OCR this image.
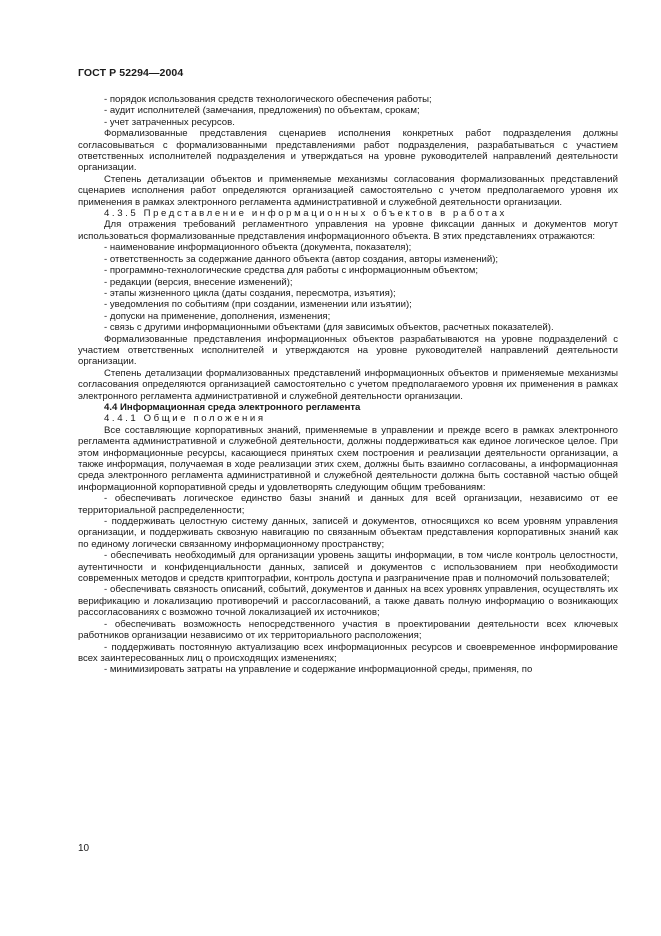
ГОСТ Р 52294—2004

- порядок использования средств технологического обеспечения работы;

- аудит исполнителей (замечания, предложения) по объектам, срокам;

- учет затраченных ресурсов.

Формализованные представления сценариев исполнения конкретных работ подразделения должны согласовываться с формализованными представлениями работ подразделения, разрабатываться с участием ответственных исполнителей подразделения и утверждаться на уровне руководителей направлений деятельности организации.

Степень детализации объектов и применяемые механизмы согласования формализованных представлений сценариев исполнения работ определяются организацией самостоятельно с учетом предполагаемого уровня их применения в рамках электронного регламента административной и служебной деятельности организации.

4.3.5 Представление информационных объектов в работах

Для отражения требований регламентного управления на уровне фиксации данных и документов могут использоваться формализованные представления информационного объекта. В этих представлениях отражаются:

- наименование информационного объекта (документа, показателя);

- ответственность за содержание данного объекта (автор создания, авторы изменений);

- программно-технологические средства для работы с информационным объектом;

- редакции (версия, внесение изменений);

- этапы жизненного цикла (даты создания, пересмотра, изъятия);

- уведомления по событиям (при создании, изменении или изъятии);

- допуски на применение, дополнения, изменения;

- связь с другими информационными объектами (для зависимых объектов, расчетных показателей).

Формализованные представления информационных объектов разрабатываются на уровне подразделений с участием ответственных исполнителей и утверждаются на уровне руководителей направлений деятельности организации.

Степень детализации формализованных представлений информационных объектов и применяемые механизмы согласования определяются организацией самостоятельно с учетом предполагаемого уровня их применения в рамках электронного регламента административной и служебной деятельности организации.

4.4 Информационная среда электронного регламента

4.4.1 Общие положения

Все составляющие корпоративных знаний, применяемые в управлении и прежде всего в рамках электронного регламента административной и служебной деятельности, должны поддерживаться как единое логическое целое. При этом информационные ресурсы, касающиеся принятых схем построения и реализации деятельности организации, а также информация, получаемая в ходе реализации этих схем, должны быть взаимно согласованы, а информационная среда электронного регламента административной и служебной деятельности должна быть составной частью общей информационной корпоративной среды и удовлетворять следующим общим требованиям:

- обеспечивать логическое единство базы знаний и данных для всей организации, независимо от ее территориальной распределенности;

- поддерживать целостную систему данных, записей и документов, относящихся ко всем уровням управления организации, и поддерживать сквозную навигацию по связанным объектам представления корпоративных знаний как по единому логически связанному информационному пространству;

- обеспечивать необходимый для организации уровень защиты информации, в том числе контроль целостности, аутентичности и конфиденциальности данных, записей и документов с использованием при необходимости современных методов и средств криптографии, контроль доступа и разграничение прав и полномочий пользователей;

- обеспечивать связность описаний, событий, документов и данных на всех уровнях управления, осуществлять их верификацию и локализацию противоречий и рассогласований, а также давать полную информацию о возникающих рассогласованиях с возможно точной локализацией их источников;

- обеспечивать возможность непосредственного участия в проектировании деятельности всех ключевых работников организации независимо от их территориального расположения;

- поддерживать постоянную актуализацию всех информационных ресурсов и своевременное информирование всех заинтересованных лиц о происходящих изменениях;

- минимизировать затраты на управление и содержание информационной среды, применяя, по

10
